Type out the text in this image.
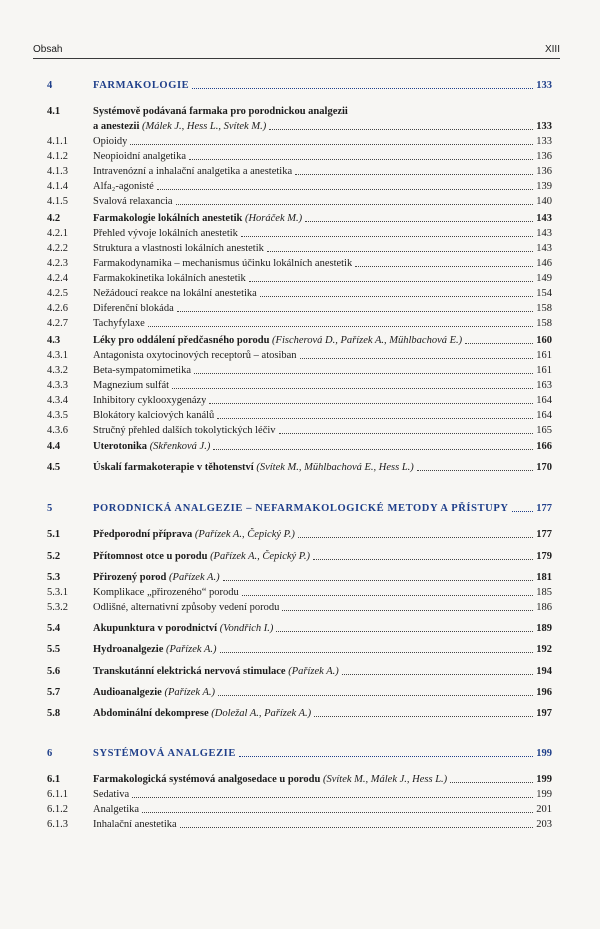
Obsah	XIII
4	FARMAKOLOGIE	133
4.1	Systémově podávaná farmaka pro porodnickou analgezii
a anestezii (Málek J., Hess L., Svítek M.)	133
4.1.1	Opioidy	133
4.1.2	Neopioidní analgetika	136
4.1.3	Intravenózní a inhalační analgetika a anestetika	136
4.1.4	Alfa₂-agonisté	139
4.1.5	Svalová relaxancia	140
4.2	Farmakologie lokálních anestetik (Horáček M.)	143
4.2.1	Přehled vývoje lokálních anestetik	143
4.2.2	Struktura a vlastnosti lokálních anestetik	143
4.2.3	Farmakodynamika – mechanismus účinku lokálních anestetik	146
4.2.4	Farmakokinetika lokálních anestetik	149
4.2.5	Nežádoucí reakce na lokální anestetika	154
4.2.6	Diferenční blokáda	158
4.2.7	Tachyfylaxe	158
4.3	Léky pro oddálení předčasného porodu (Fischerová D., Pařízek A., Mühlbachová E.)	160
4.3.1	Antagonista oxytocinových receptorů – atosiban	161
4.3.2	Beta-sympatomimetika	161
4.3.3	Magnezium sulfát	163
4.3.4	Inhibitory cyklooxygenázy	164
4.3.5	Blokátory kalciových kanálů	164
4.3.6	Stručný přehled dalších tokolytických léčiv	165
4.4	Uterotonika (Skřenková J.)	166
4.5	Úskalí farmakoterapie v těhotenství (Svítek M., Mühlbachová E., Hess L.)	170
5	PORODNICKÁ ANALGEZIE – NEFARMAKOLOGICKÉ METODY A PŘÍSTUPY	177
5.1	Předporodní příprava (Pařízek A., Čepický P.)	177
5.2	Přítomnost otce u porodu (Pařízek A., Čepický P.)	179
5.3	Přirozený porod (Pařízek A.)	181
5.3.1	Komplikace „přirozeného“ porodu	185
5.3.2	Odlišné, alternativní způsoby vedení porodu	186
5.4	Akupunktura v porodnictví (Vondřich I.)	189
5.5	Hydroanalgezie (Pařízek A.)	192
5.6	Transkutánní elektrická nervová stimulace (Pařízek A.)	194
5.7	Audioanalgezie (Pařízek A.)	196
5.8	Abdominální dekomprese (Doležal A., Pařízek A.)	197
6	SYSTÉMOVÁ ANALGEZIE	199
6.1	Farmakologická systémová analgosedace u porodu (Svítek M., Málek J., Hess L.)	199
6.1.1	Sedativa	199
6.1.2	Analgetika	201
6.1.3	Inhalační anestetika	203
